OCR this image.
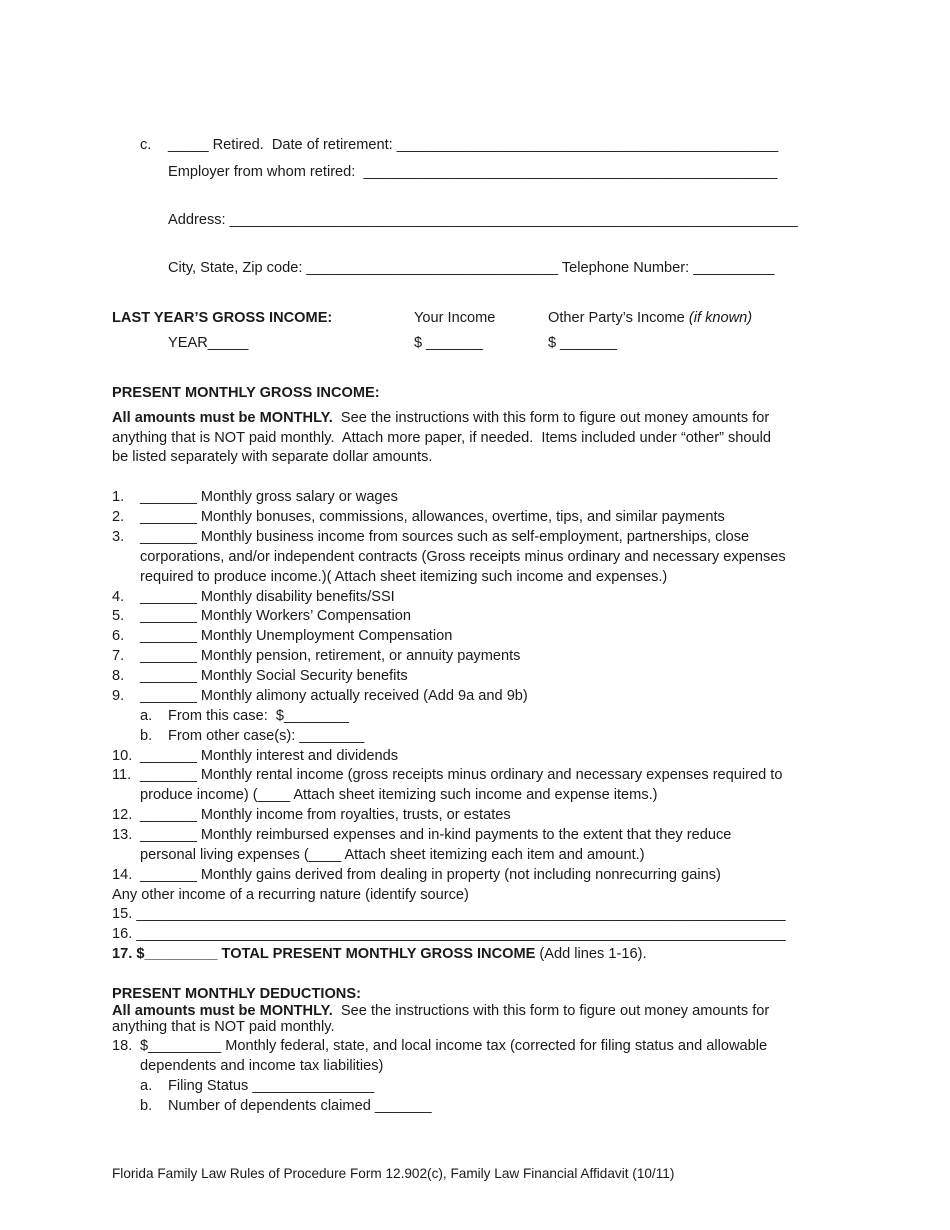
c. _____ Retired.  Date of retirement: _______________________________________________
Employer from whom retired:  ___________________________________________________
Address: ______________________________________________________________________
City, State, Zip code: _______________________________ Telephone Number: __________
LAST YEAR’S GROSS INCOME:	Your Income	Other Party’s Income (if known)
YEAR_____	$ _______	$ _______
PRESENT MONTHLY GROSS INCOME:
All amounts must be MONTHLY.  See the instructions with this form to figure out money amounts for
anything that is NOT paid monthly.  Attach more paper, if needed.  Items included under “other” should
be listed separately with separate dollar amounts.
1. _______ Monthly gross salary or wages
2. _______ Monthly bonuses, commissions, allowances, overtime, tips, and similar payments
3. _______ Monthly business income from sources such as self-employment, partnerships, close
corporations, and/or independent contracts (Gross receipts minus ordinary and necessary expenses
required to produce income.)( Attach sheet itemizing such income and expenses.)
4. _______ Monthly disability benefits/SSI
5. _______ Monthly Workers’ Compensation
6. _______ Monthly Unemployment Compensation
7. _______ Monthly pension, retirement, or annuity payments
8. _______ Monthly Social Security benefits
9. _______ Monthly alimony actually received (Add 9a and 9b)
a. From this case:  $________
b. From other case(s): ________
10. _______ Monthly interest and dividends
11. _______ Monthly rental income (gross receipts minus ordinary and necessary expenses required to
produce income) (____ Attach sheet itemizing such income and expense items.)
12. _______ Monthly income from royalties, trusts, or estates
13. _______ Monthly reimbursed expenses and in-kind payments to the extent that they reduce
personal living expenses (____ Attach sheet itemizing each item and amount.)
14. _______ Monthly gains derived from dealing in property (not including nonrecurring gains)
Any other income of a recurring nature (identify source)
15. ________________________________________________________________________________
16. ________________________________________________________________________________
17. $_________ TOTAL PRESENT MONTHLY GROSS INCOME (Add lines 1-16).
PRESENT MONTHLY DEDUCTIONS:
All amounts must be MONTHLY.  See the instructions with this form to figure out money amounts for
anything that is NOT paid monthly.
18. $_________ Monthly federal, state, and local income tax (corrected for filing status and allowable
dependents and income tax liabilities)
a. Filing Status _______________
b. Number of dependents claimed _______
Florida Family Law Rules of Procedure Form 12.902(c), Family Law Financial Affidavit (10/11)
